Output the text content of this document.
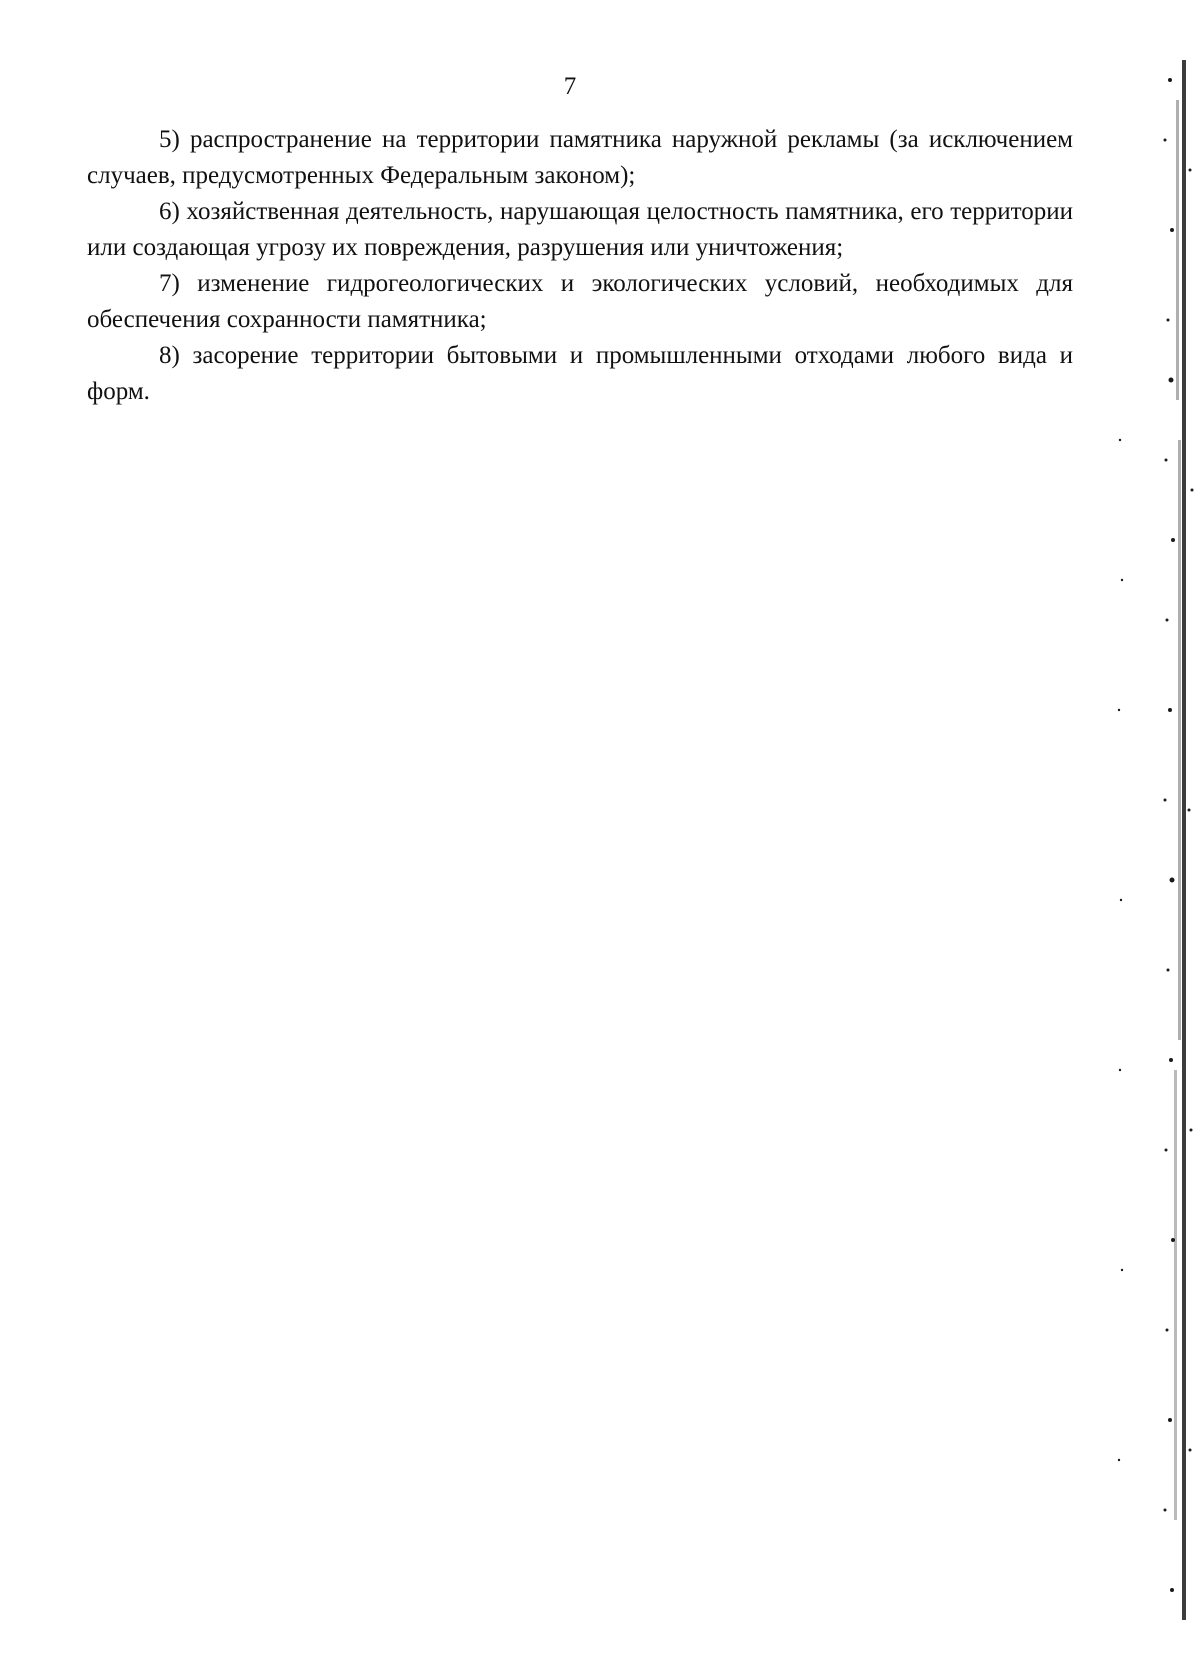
7

5) распространение на территории памятника наружной рекламы (за исключением случаев, предусмотренных Федеральным законом);

6) хозяйственная деятельность, нарушающая целостность памятника, его территории или создающая угрозу их повреждения, разрушения или уничтожения;

7) изменение гидрогеологических и экологических условий, необходимых для обеспечения сохранности памятника;

8) засорение территории бытовыми и промышленными отходами любого вида и форм.
